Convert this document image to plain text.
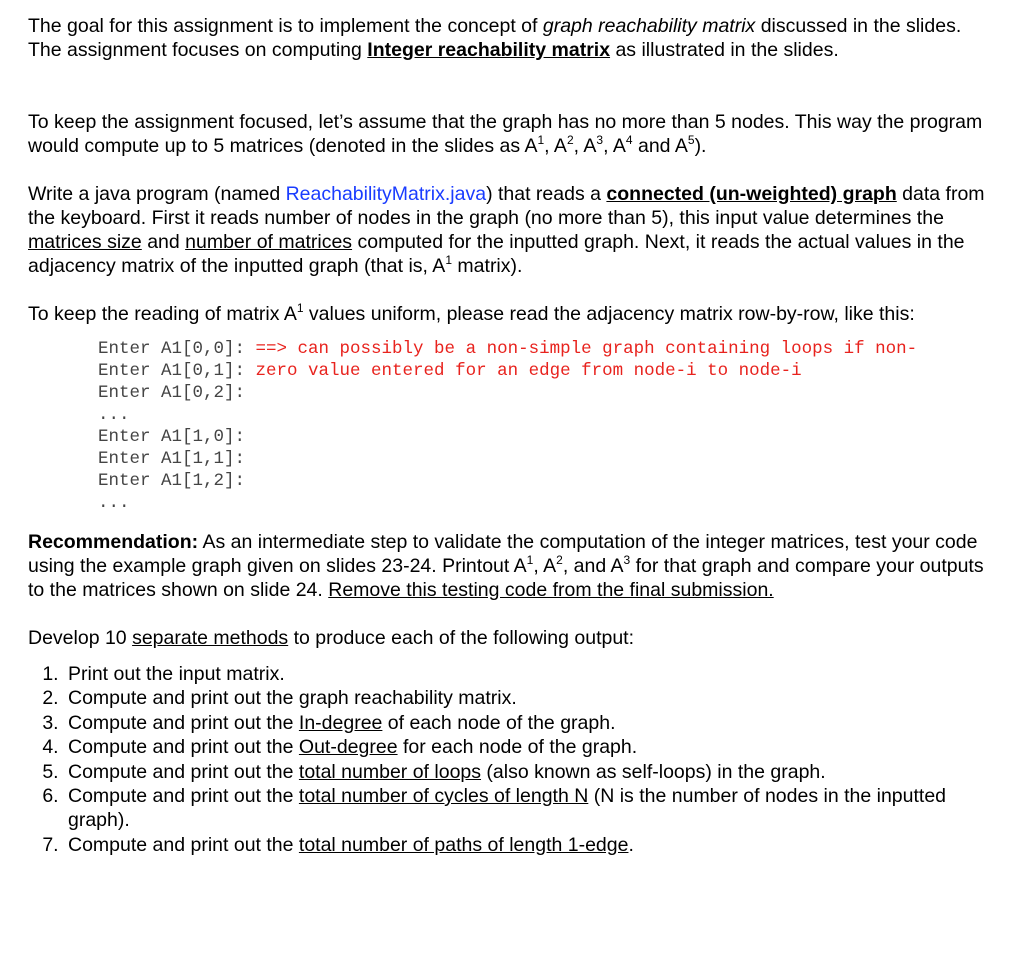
The goal for this assignment is to implement the concept of graph reachability matrix discussed in the slides. The assignment focuses on computing Integer reachability matrix as illustrated in the slides.

To keep the assignment focused, let’s assume that the graph has no more than 5 nodes. This way the program would compute up to 5 matrices (denoted in the slides as $A^1$, $A^2$, $A^3$, $A^4$ and $A^5$).

Write a java program (named ReachabilityMatrix.java) that reads a connected (un-weighted) graph data from the keyboard. First it reads number of nodes in the graph (no more than 5), this input value determines the matrices size and number of matrices computed for the inputted graph. Next, it reads the actual values in the adjacency matrix of the inputted graph (that is, $A^1$ matrix).

To keep the reading of matrix $A^1$ values uniform, please read the adjacency matrix row-by-row, like this:

Enter A1[0,0]: ==> can possibly be a non-simple graph containing loops if non-
Enter A1[0,1]: zero value entered for an edge from node-i to node-i
Enter A1[0,2]:
...
Enter A1[1,0]:
Enter A1[1,1]:
Enter A1[1,2]:
...

Recommendation: As an intermediate step to validate the computation of the integer matrices, test your code using the example graph given on slides 23-24. Printout $A^1$, $A^2$, and $A^3$ for that graph and compare your outputs to the matrices shown on slide 24. Remove this testing code from the final submission.

Develop 10 separate methods to produce each of the following output:

1. Print out the input matrix.
2. Compute and print out the graph reachability matrix.
3. Compute and print out the In-degree of each node of the graph.
4. Compute and print out the Out-degree for each node of the graph.
5. Compute and print out the total number of loops (also known as self-loops) in the graph.
6. Compute and print out the total number of cycles of length N (N is the number of nodes in the inputted graph).
7. Compute and print out the total number of paths of length 1-edge.
